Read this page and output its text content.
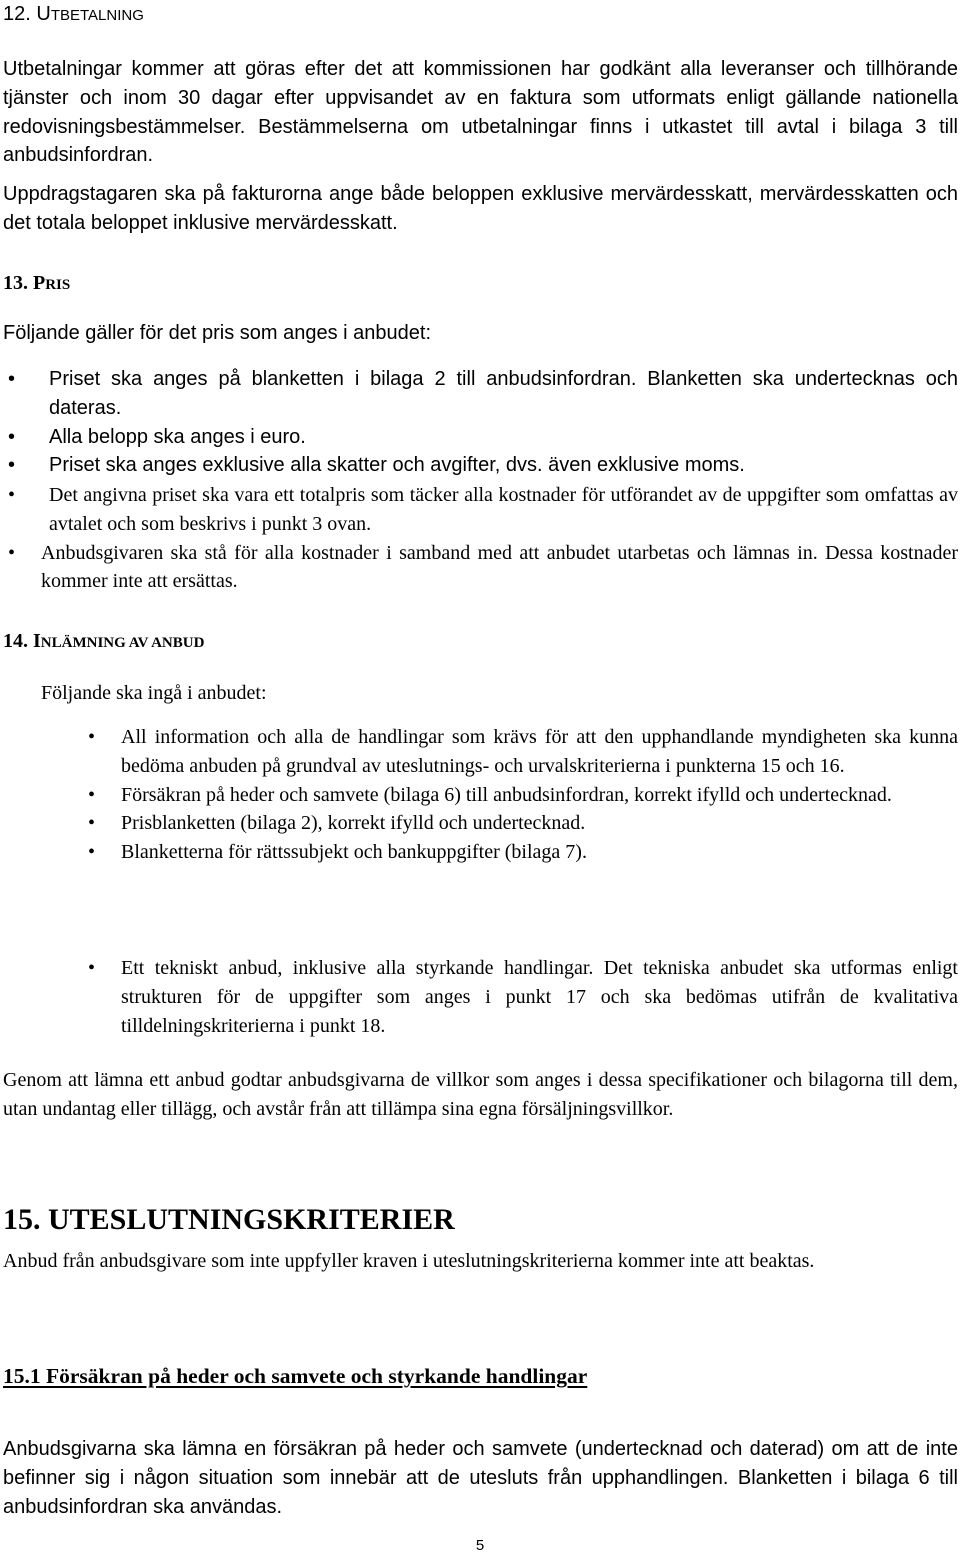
12. UTBETALNING

Utbetalningar kommer att göras efter det att kommissionen har godkänt alla leveranser och tillhörande tjänster och inom 30 dagar efter uppvisandet av en faktura som utformats enligt gällande nationella redovisningsbestämmelser. Bestämmelserna om utbetalningar finns i utkastet till avtal i bilaga 3 till anbudsinfordran.

Uppdragstagaren ska på fakturorna ange både beloppen exklusive mervärdesskatt, mervärdesskatten och det totala beloppet inklusive mervärdesskatt.

13. PRIS

Följande gäller för det pris som anges i anbudet:

• Priset ska anges på blanketten i bilaga 2 till anbudsinfordran. Blanketten ska undertecknas och dateras.
• Alla belopp ska anges i euro.
• Priset ska anges exklusive alla skatter och avgifter, dvs. även exklusive moms.
• Det angivna priset ska vara ett totalpris som täcker alla kostnader för utförandet av de uppgifter som omfattas av avtalet och som beskrivs i punkt 3 ovan.
• Anbudsgivaren ska stå för alla kostnader i samband med att anbudet utarbetas och lämnas in. Dessa kostnader kommer inte att ersättas.
14. INLÄMNING AV ANBUD

Följande ska ingå i anbudet:

• All information och alla de handlingar som krävs för att den upphandlande myndigheten ska kunna bedöma anbuden på grundval av uteslutnings- och urvalskriterierna i punkterna 15 och 16.
• Försäkran på heder och samvete (bilaga 6) till anbudsinfordran, korrekt ifylld och undertecknad.
• Prisblanketten (bilaga 2), korrekt ifylld och undertecknad.
• Blanketterna för rättssubjekt och bankuppgifter (bilaga 7).
• Ett tekniskt anbud, inklusive alla styrkande handlingar. Det tekniska anbudet ska utformas enligt strukturen för de uppgifter som anges i punkt 17 och ska bedömas utifrån de kvalitativa tilldelningskriterierna i punkt 18.

Genom att lämna ett anbud godtar anbudsgivarna de villkor som anges i dessa specifikationer och bilagorna till dem, utan undantag eller tillägg, och avstår från att tillämpa sina egna försäljningsvillkor.

15. UTESLUTNINGSKRITERIER

Anbud från anbudsgivare som inte uppfyller kraven i uteslutningskriterierna kommer inte att beaktas.

15.1 Försäkran på heder och samvete och styrkande handlingar

Anbudsgivarna ska lämna en försäkran på heder och samvete (undertecknad och daterad) om att de inte befinner sig i någon situation som innebär att de utesluts från upphandlingen. Blanketten i bilaga 6 till anbudsinfordran ska användas.

5
